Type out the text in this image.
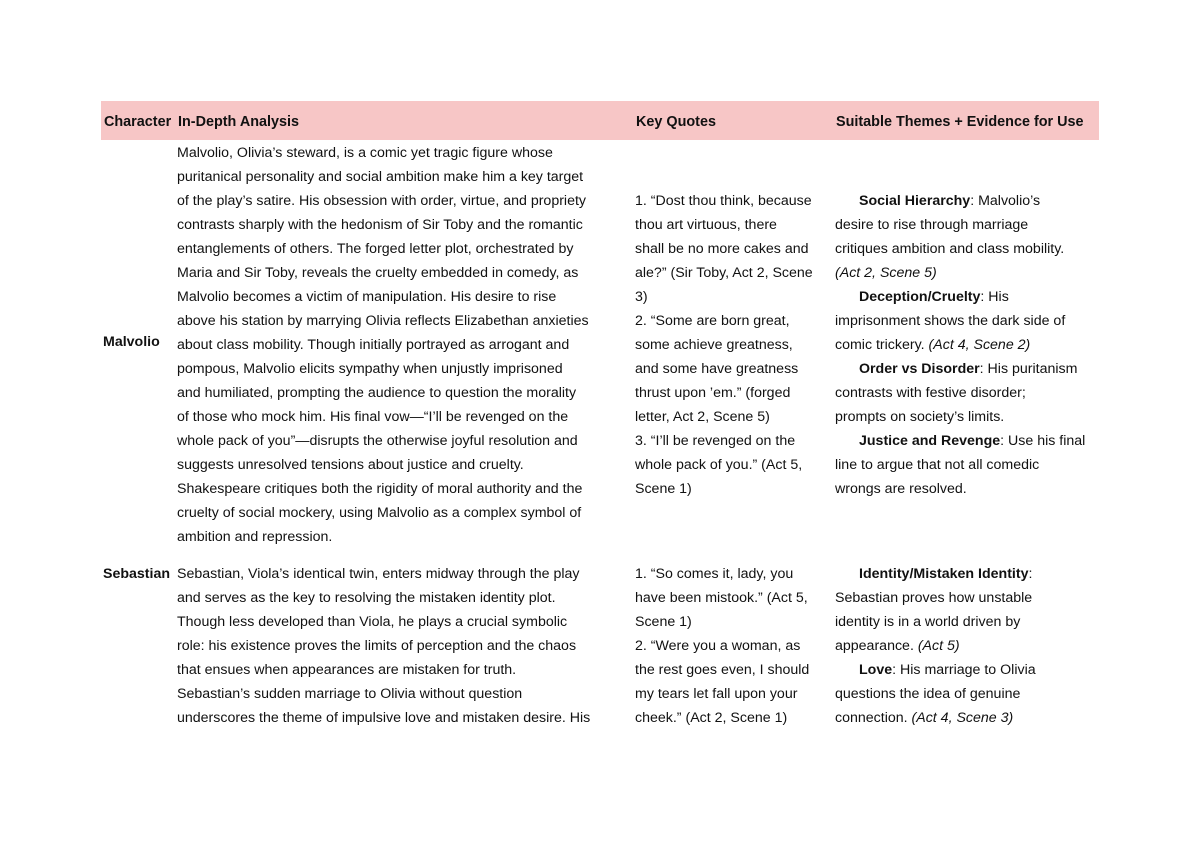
Character In-Depth Analysis	Key Quotes	Suitable Themes + Evidence for Use
Malvolio
Malvolio, Olivia’s steward, is a comic yet tragic figure whose
puritanical personality and social ambition make him a key target
of the play’s satire. His obsession with order, virtue, and propriety
contrasts sharply with the hedonism of Sir Toby and the romantic
entanglements of others. The forged letter plot, orchestrated by
Maria and Sir Toby, reveals the cruelty embedded in comedy, as
Malvolio becomes a victim of manipulation. His desire to rise
above his station by marrying Olivia reflects Elizabethan anxieties
about class mobility. Though initially portrayed as arrogant and
pompous, Malvolio elicits sympathy when unjustly imprisoned
and humiliated, prompting the audience to question the morality
of those who mock him. His final vow—“I’ll be revenged on the
whole pack of you”—disrupts the otherwise joyful resolution and
suggests unresolved tensions about justice and cruelty.
Shakespeare critiques both the rigidity of moral authority and the
cruelty of social mockery, using Malvolio as a complex symbol of
ambition and repression.
1. “Dost thou think, because
thou art virtuous, there
shall be no more cakes and
ale?” (Sir Toby, Act 2, Scene
3)
2. “Some are born great,
some achieve greatness,
and some have greatness
thrust upon ’em.” (forged
letter, Act 2, Scene 5)
3. “I’ll be revenged on the
whole pack of you.” (Act 5,
Scene 1)
Social Hierarchy: Malvolio’s
desire to rise through marriage
critiques ambition and class mobility.
(Act 2, Scene 5)
Deception/Cruelty: His
imprisonment shows the dark side of
comic trickery. (Act 4, Scene 2)
Order vs Disorder: His puritanism
contrasts with festive disorder;
prompts on society’s limits.
Justice and Revenge: Use his final
line to argue that not all comedic
wrongs are resolved.
Sebastian Sebastian, Viola’s identical twin, enters midway through the play
and serves as the key to resolving the mistaken identity plot.
Though less developed than Viola, he plays a crucial symbolic
role: his existence proves the limits of perception and the chaos
that ensues when appearances are mistaken for truth.
Sebastian’s sudden marriage to Olivia without question
underscores the theme of impulsive love and mistaken desire. His
1. “So comes it, lady, you
have been mistook.” (Act 5,
Scene 1)
2. “Were you a woman, as
the rest goes even, I should
my tears let fall upon your
cheek.” (Act 2, Scene 1)
Identity/Mistaken Identity:
Sebastian proves how unstable
identity is in a world driven by
appearance. (Act 5)
Love: His marriage to Olivia
questions the idea of genuine
connection. (Act 4, Scene 3)
